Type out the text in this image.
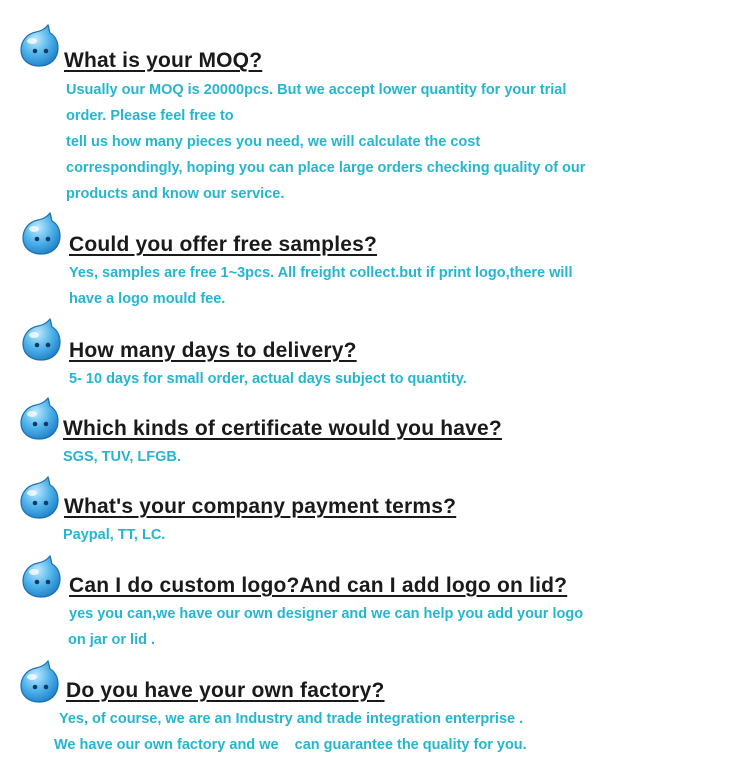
What is your MOQ?

Usually our MOQ is 20000pcs. But we accept lower quantity for your trial

order. Please feel free to

tell us how many pieces you need, we will calculate the cost

correspondingly, hoping you can place large orders checking quality of our

products and know our service.

Could you offer free samples?

Yes, samples are free 1~3pcs. All freight collect.but if print logo,there will

have a logo mould fee.

How many days to delivery?

5- 10 days for small order, actual days subject to quantity.

Which kinds of certificate would you have?

SGS, TUV, LFGB.

What's your company payment terms?

Paypal, TT, LC.

Can I do custom logo?And can I add logo on lid?

yes you can,we have our own designer and we can help you add your logo

on jar or lid .

Do you have your own factory?

Yes, of course, we are an Industry and trade integration enterprise .

We have our own factory and we    can guarantee the quality for you.
